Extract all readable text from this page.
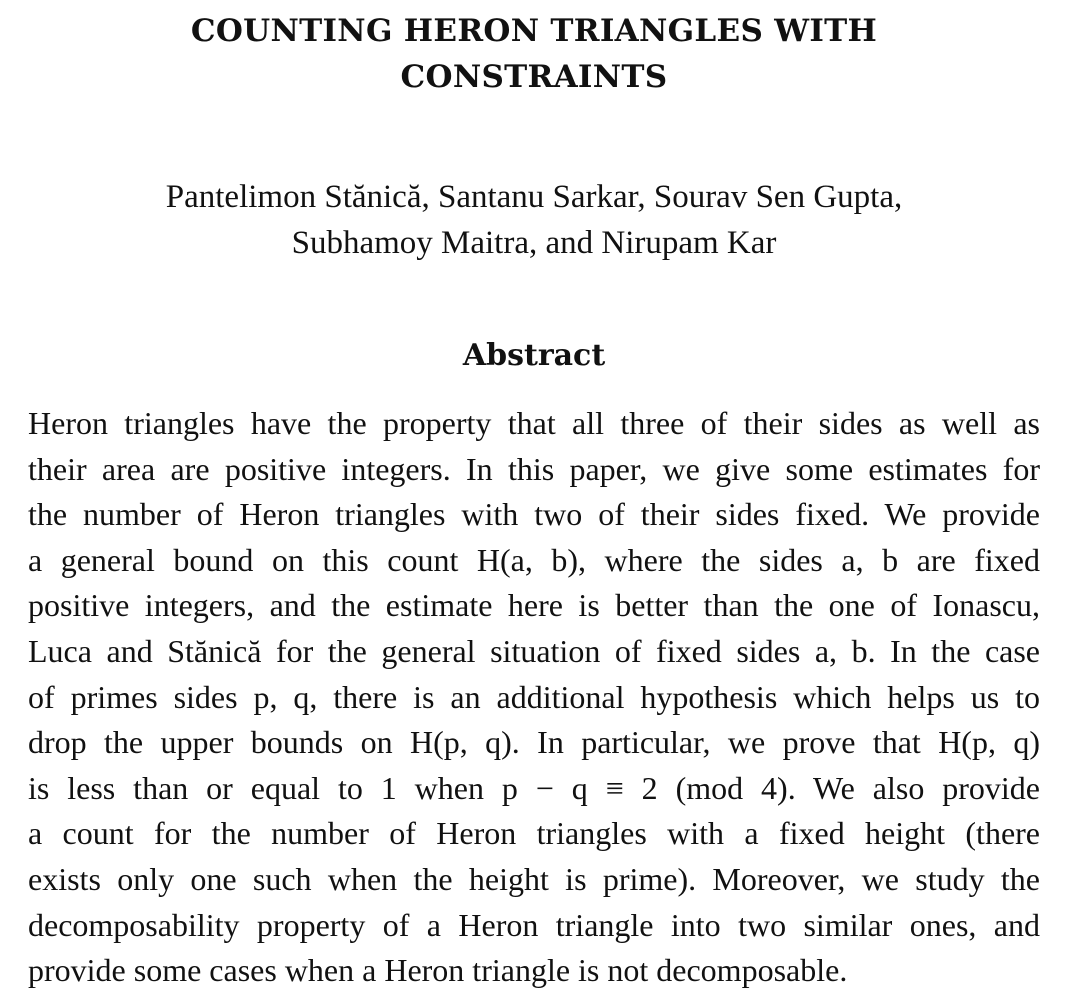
COUNTING HERON TRIANGLES WITH
CONSTRAINTS
Pantelimon Stănică, Santanu Sarkar, Sourav Sen Gupta,
Subhamoy Maitra, and Nirupam Kar
Abstract
Heron triangles have the property that all three of their sides as well as
their area are positive integers. In this paper, we give some estimates for
the number of Heron triangles with two of their sides fixed. We provide
a general bound on this count H(a, b), where the sides a, b are fixed
positive integers, and the estimate here is better than the one of Ionascu,
Luca and Stănică for the general situation of fixed sides a, b. In the case
of primes sides p, q, there is an additional hypothesis which helps us to
drop the upper bounds on H(p, q). In particular, we prove that H(p, q)
is less than or equal to 1 when p − q ≡ 2 (mod 4). We also provide
a count for the number of Heron triangles with a fixed height (there
exists only one such when the height is prime). Moreover, we study the
decomposability property of a Heron triangle into two similar ones, and
provide some cases when a Heron triangle is not decomposable.
